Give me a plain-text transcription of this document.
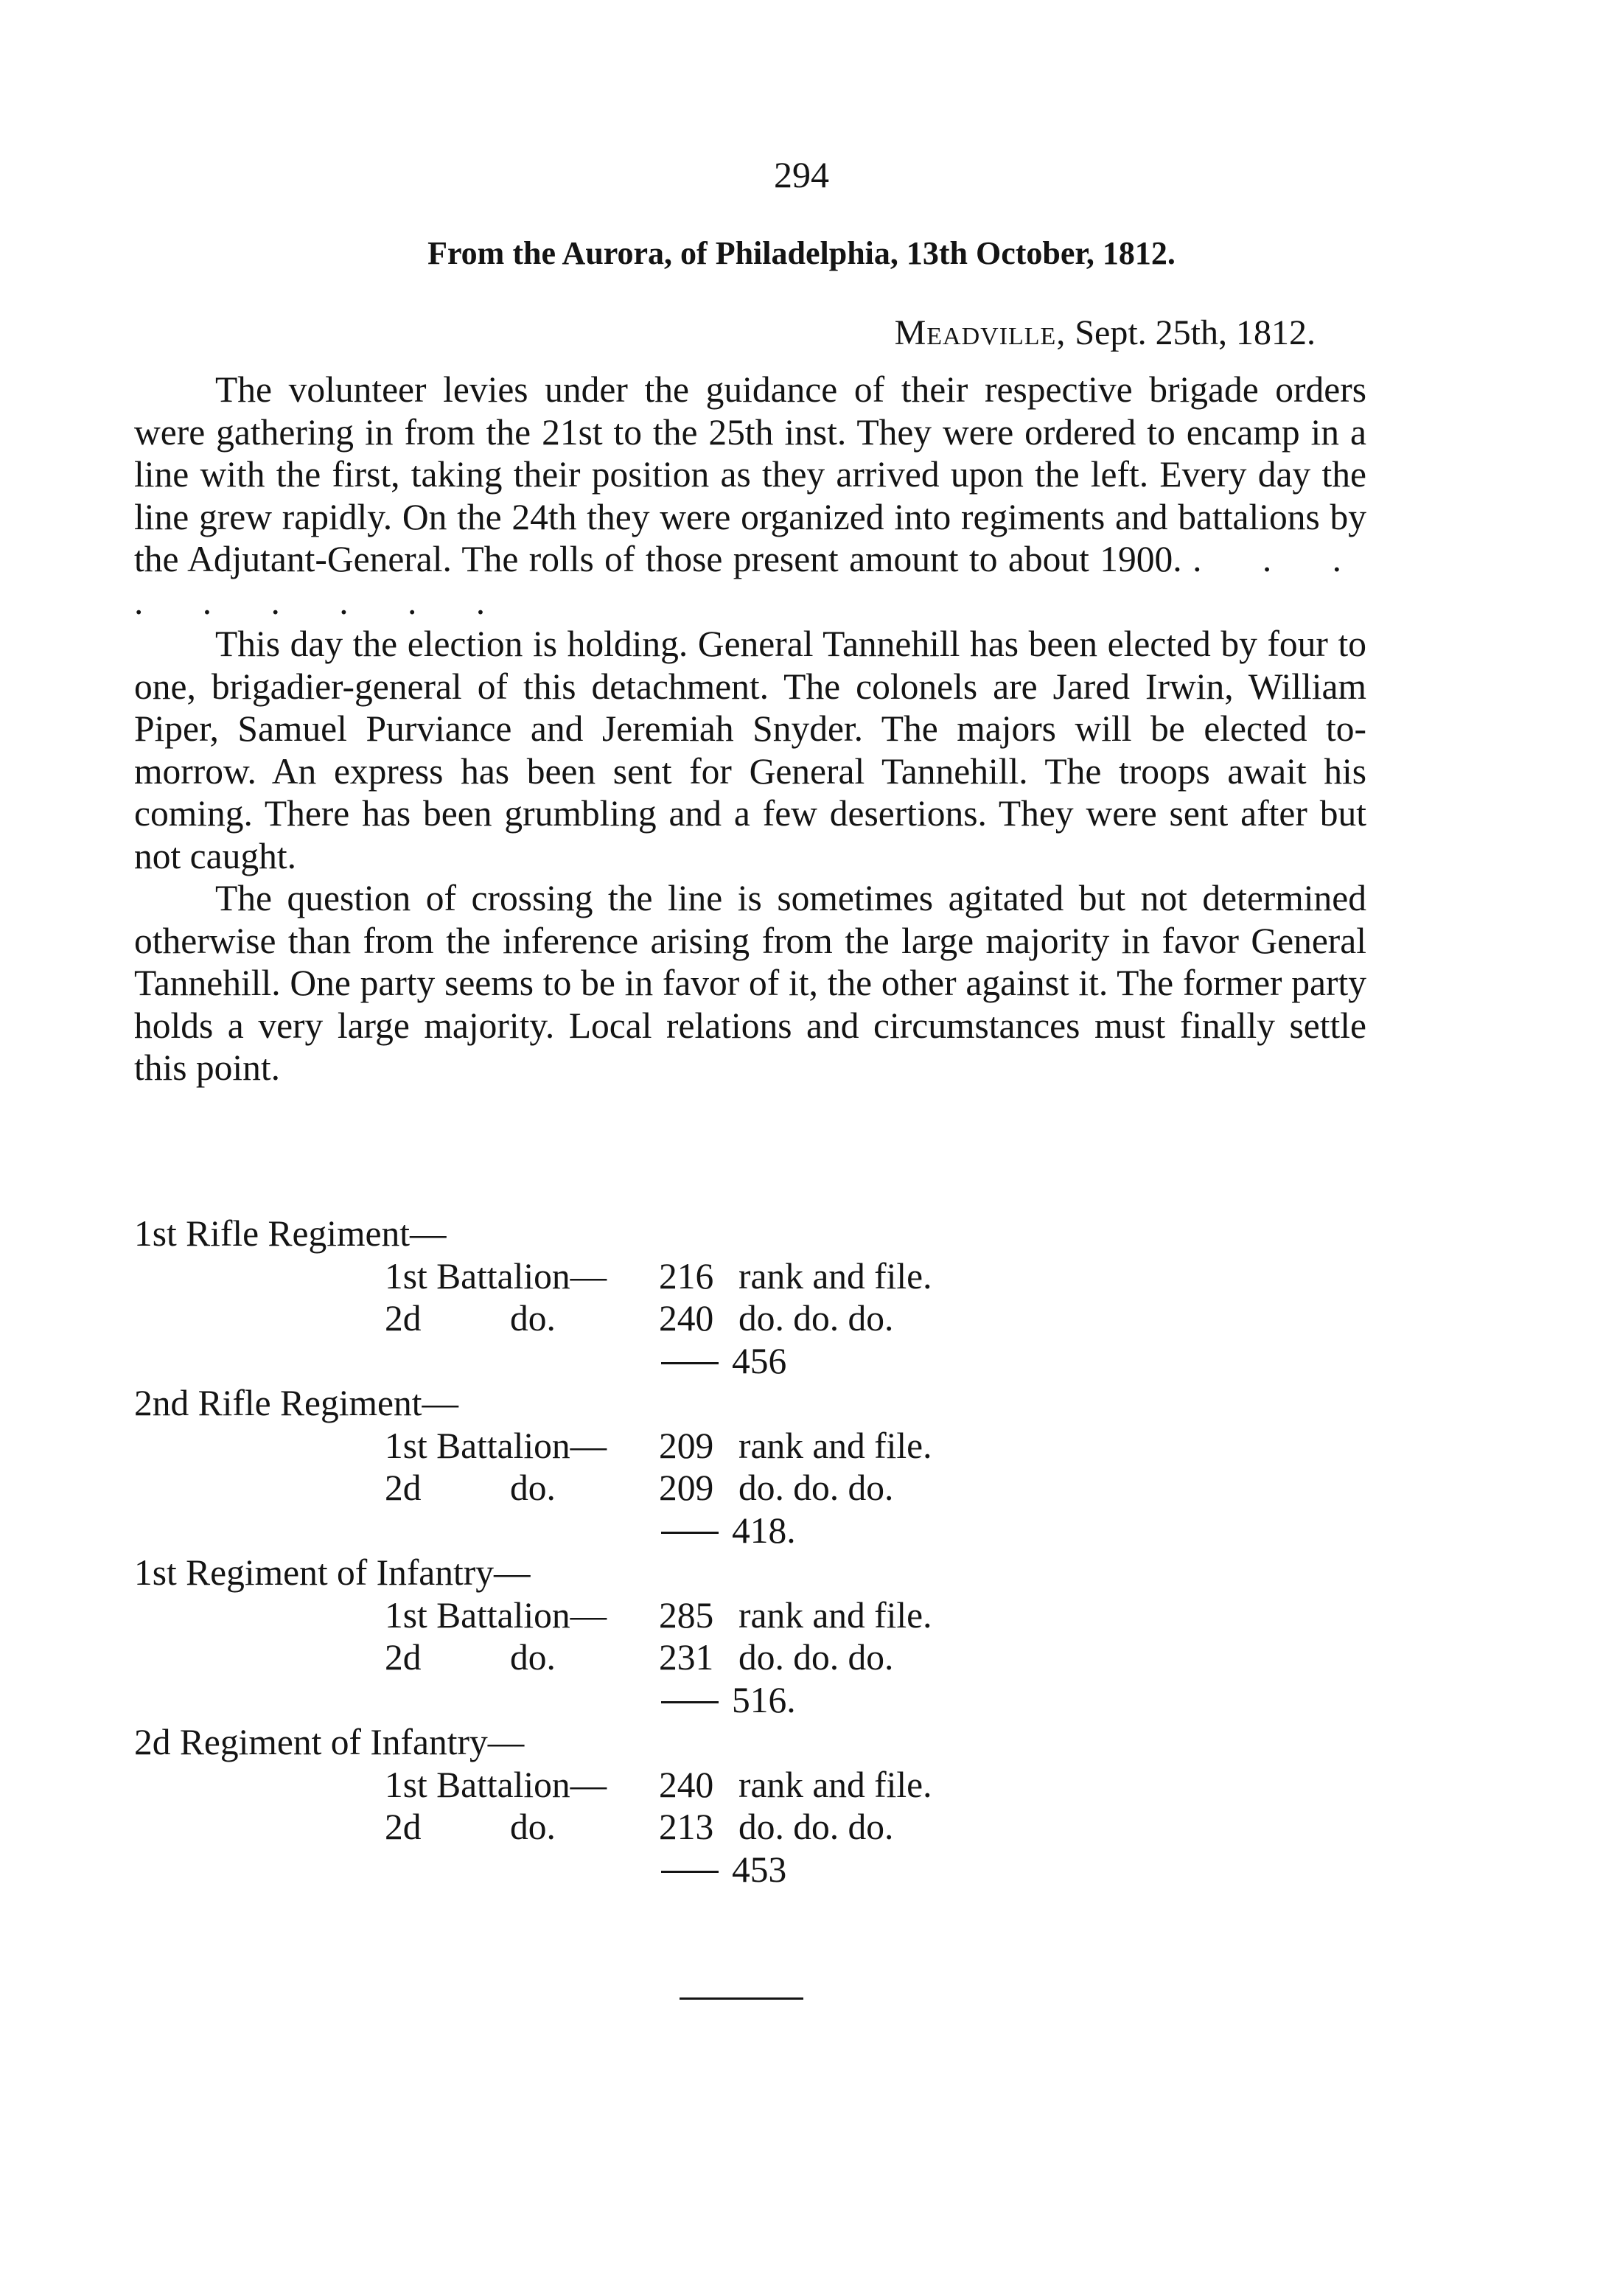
294
From the Aurora, of Philadelphia, 13th October, 1812.
Meadville, Sept. 25th, 1812.

The volunteer levies under the guidance of their respective brigade orders were gathering in from the 21st to the 25th inst. They were ordered to encamp in a line with the first, taking their position as they arrived upon the left. Every day the line grew rapidly. On the 24th they were organized into regiments and battalions by the Adjutant-General. The rolls of those present amount to about 1900. . . . . . . . . .

This day the election is holding. General Tannehill has been elected by four to one, brigadier-general of this detachment. The colonels are Jared Irwin, William Piper, Samuel Purviance and Jeremiah Snyder. The majors will be elected to-morrow. An express has been sent for General Tannehill. The troops await his coming. There has been grumbling and a few desertions. They were sent after but not caught.

The question of crossing the line is sometimes agitated but not determined otherwise than from the inference arising from the large majority in favor General Tannehill. One party seems to be in favor of it, the other against it. The former party holds a very large majority. Local relations and circumstances must finally settle this point.

1st Rifle Regiment—
1st Battalion— 216 rank and file.
2d do.	240 do. do. do.
456
2nd Rifle Regiment—
1st Battalion— 209 rank and file.
2d do.	209 do. do. do.
418.
1st Regiment of Infantry—
1st Battalion— 285 rank and file.
2d do.	231 do. do. do.
516.
2d Regiment of Infantry—
1st Battalion— 240 rank and file.
2d do.	213 do. do. do.
453
